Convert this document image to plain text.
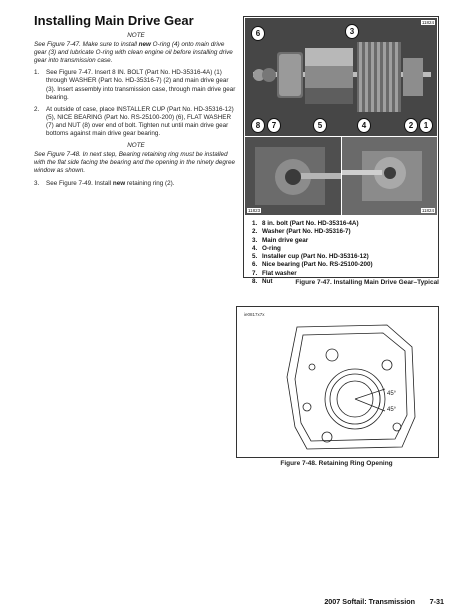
Installing Main Drive Gear
NOTE
See Figure 7-47. Make sure to install new O-ring (4) onto main drive gear (3) and lubricate O-ring with clean engine oil before installing drive gear into transmission case.
1.	See Figure 7-47. Insert 8 IN. BOLT (Part No. HD-35316-4A) (1) through WASHER (Part No. HD-35316-7) (2) and main drive gear (3). Insert assembly into transmission case, through main drive gear bearing.
2.	At outside of case, place INSTALLER CUP (Part No. HD-35316-12) (5), NICE BEARING (Part No. RS-25100-200) (6), FLAT WASHER (7) and NUT (8) over end of bolt. Tighten nut until main drive gear bottoms against main drive gear bearing.
NOTE
See Figure 7-48. In next step, Bearing retaining ring must be installed with the flat side facing the bearing and the opening in the ninety degree window as shown.
3.	See Figure 7-49. Install new retaining ring (2).
11824
6	3
8	7	5	4	2	1
11823	11824
1. 8 in. bolt (Part No. HD-35316-4A)
2. Washer (Part No. HD-35316-7)
3. Main drive gear
4. O-ring
5. Installer cup (Part No. HD-35316-12)
6. Nice bearing (Part No. RS-25100-200)
7. Flat washer
8. Nut	Figure 7-47. Installing Main Drive Gear–Typical
ie0817x7x
45°
45°
Figure 7-48. Retaining Ring Opening
2007 Softail: Transmission	7-31
